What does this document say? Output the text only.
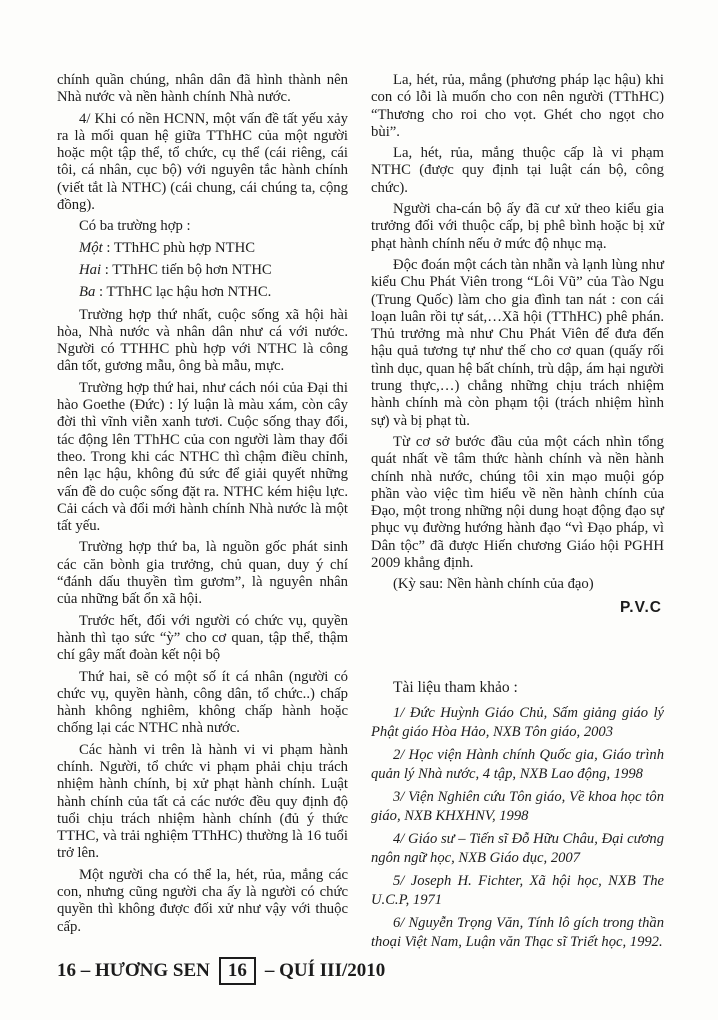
chính quần chúng, nhân dân đã hình thành nên Nhà nước và nền hành chính Nhà nước.

4/ Khi có nền HCNN, một vấn đề tất yếu xảy ra là mối quan hệ giữa TThHC của một người hoặc một tập thể, tổ chức, cụ thể (cái riêng, cái tôi, cá nhân, cục bộ) với nguyên tắc hành chính (viết tắt là NTHC) (cái chung, cái chúng ta, cộng đồng).

Có ba trường hợp :

Một : TThHC phù hợp NTHC

Hai : TThHC tiến bộ hơn NTHC

Ba : TThHC lạc hậu hơn NTHC.

Trường hợp thứ nhất, cuộc sống xã hội hài hòa, Nhà nước và nhân dân như cá với nước. Người có TTHHC phù hợp với NTHC là công dân tốt, gương mẫu, ông bà mẫu, mực.

Trường hợp thứ hai, như cách nói của Đại thi hào Goethe (Đức) : lý luận là màu xám, còn cây đời thì vĩnh viễn xanh tươi. Cuộc sống thay đổi, tác động lên TThHC của con người làm thay đổi theo. Trong khi các NTHC thì chậm điều chỉnh, nên lạc hậu, không đủ sức để giải quyết những vấn đề do cuộc sống đặt ra. NTHC kém hiệu lực. Cải cách và đổi mới hành chính Nhà nước là một tất yếu.

Trường hợp thứ ba, là nguồn gốc phát sinh các căn bònh gia trưởng, chủ quan, duy ý chí “đánh dấu thuyền tìm gươm”, là nguyên nhân của những bất ổn xã hội.

Trước hết, đối với người có chức vụ, quyền hành thì tạo sức “ỳ” cho cơ quan, tập thể, thậm chí gây mất đoàn kết nội bộ

Thứ hai, sẽ có một số ít cá nhân (người có chức vụ, quyền hành, công dân, tổ chức..) chấp hành không nghiêm, không chấp hành hoặc chống lại các NTHC nhà nước.

Các hành vi trên là hành vi vi phạm hành chính. Người, tổ chức vi phạm phải chịu trách nhiệm hành chính, bị xử phạt hành chính. Luật hành chính của tất cả các nước đều quy định độ tuổi chịu trách nhiệm hành chính (đủ ý thức TTHC, và trải nghiệm TThHC) thường là 16 tuổi trở lên.

Một người cha có thể la, hét, rủa, mắng các con, nhưng cũng người cha ấy là người có chức quyền thì không được đối xử như vậy với thuộc cấp.

La, hét, rủa, mắng (phương pháp lạc hậu) khi con có lỗi là muốn cho con nên người (TThHC) “Thương cho roi cho vọt. Ghét cho ngọt cho bùi”.

La, hét, rủa, mắng thuộc cấp là vi phạm NTHC (được quy định tại luật cán bộ, công chức).

Người cha-cán bộ ấy đã cư xử theo kiểu gia trưởng đối với thuộc cấp, bị phê bình hoặc bị xử phạt hành chính nếu ở mức độ nhục mạ.

Độc đoán một cách tàn nhẫn và lạnh lùng như kiểu Chu Phát Viên trong “Lôi Vũ” của Tào Ngu (Trung Quốc) làm cho gia đình tan nát : con cái loạn luân rồi tự sát,…Xã hội (TThHC) phê phán. Thủ trưởng mà như Chu Phát Viên để đưa đến hậu quả tương tự như thế cho cơ quan (quấy rối tình dục, quan hệ bất chính, trù dập, ám hại người trung thực,…) chẳng những chịu trách nhiệm hành chính mà còn phạm tội (trách nhiệm hình sự) và bị phạt tù.

Từ cơ sở bước đầu của một cách nhìn tổng quát nhất về tâm thức hành chính và nền hành chính nhà nước, chúng tôi xin mạo muội góp phần vào việc tìm hiểu về nền hành chính của Đạo, một trong những nội dung hoạt động đạo sự phục vụ đường hướng hành đạo “vì Đạo pháp, vì Dân tộc” đã được Hiến chương Giáo hội PGHH 2009 khẳng định.

(Kỳ sau: Nền hành chính của đạo)

P.V.C

Tài liệu tham khảo :

1/ Đức Huỳnh Giáo Chủ, Sấm giảng giáo lý Phật giáo Hòa Hảo, NXB Tôn giáo, 2003

2/ Học viện Hành chính Quốc gia, Giáo trình quản lý Nhà nước, 4 tập, NXB Lao động, 1998

3/ Viện Nghiên cứu Tôn giáo, Về khoa học tôn giáo, NXB KHXHNV, 1998

4/ Giáo sư – Tiến sĩ Đỗ Hữu Châu, Đại cương ngôn ngữ học, NXB Giáo dục, 2007

5/ Joseph H. Fichter, Xã hội học, NXB The U.C.P, 1971

6/ Nguyễn Trọng Văn, Tính lô gích trong thần thoại Việt Nam, Luận văn Thạc sĩ Triết học, 1992.

16 – HƯƠNG SEN 16 – QUÍ III/2010
